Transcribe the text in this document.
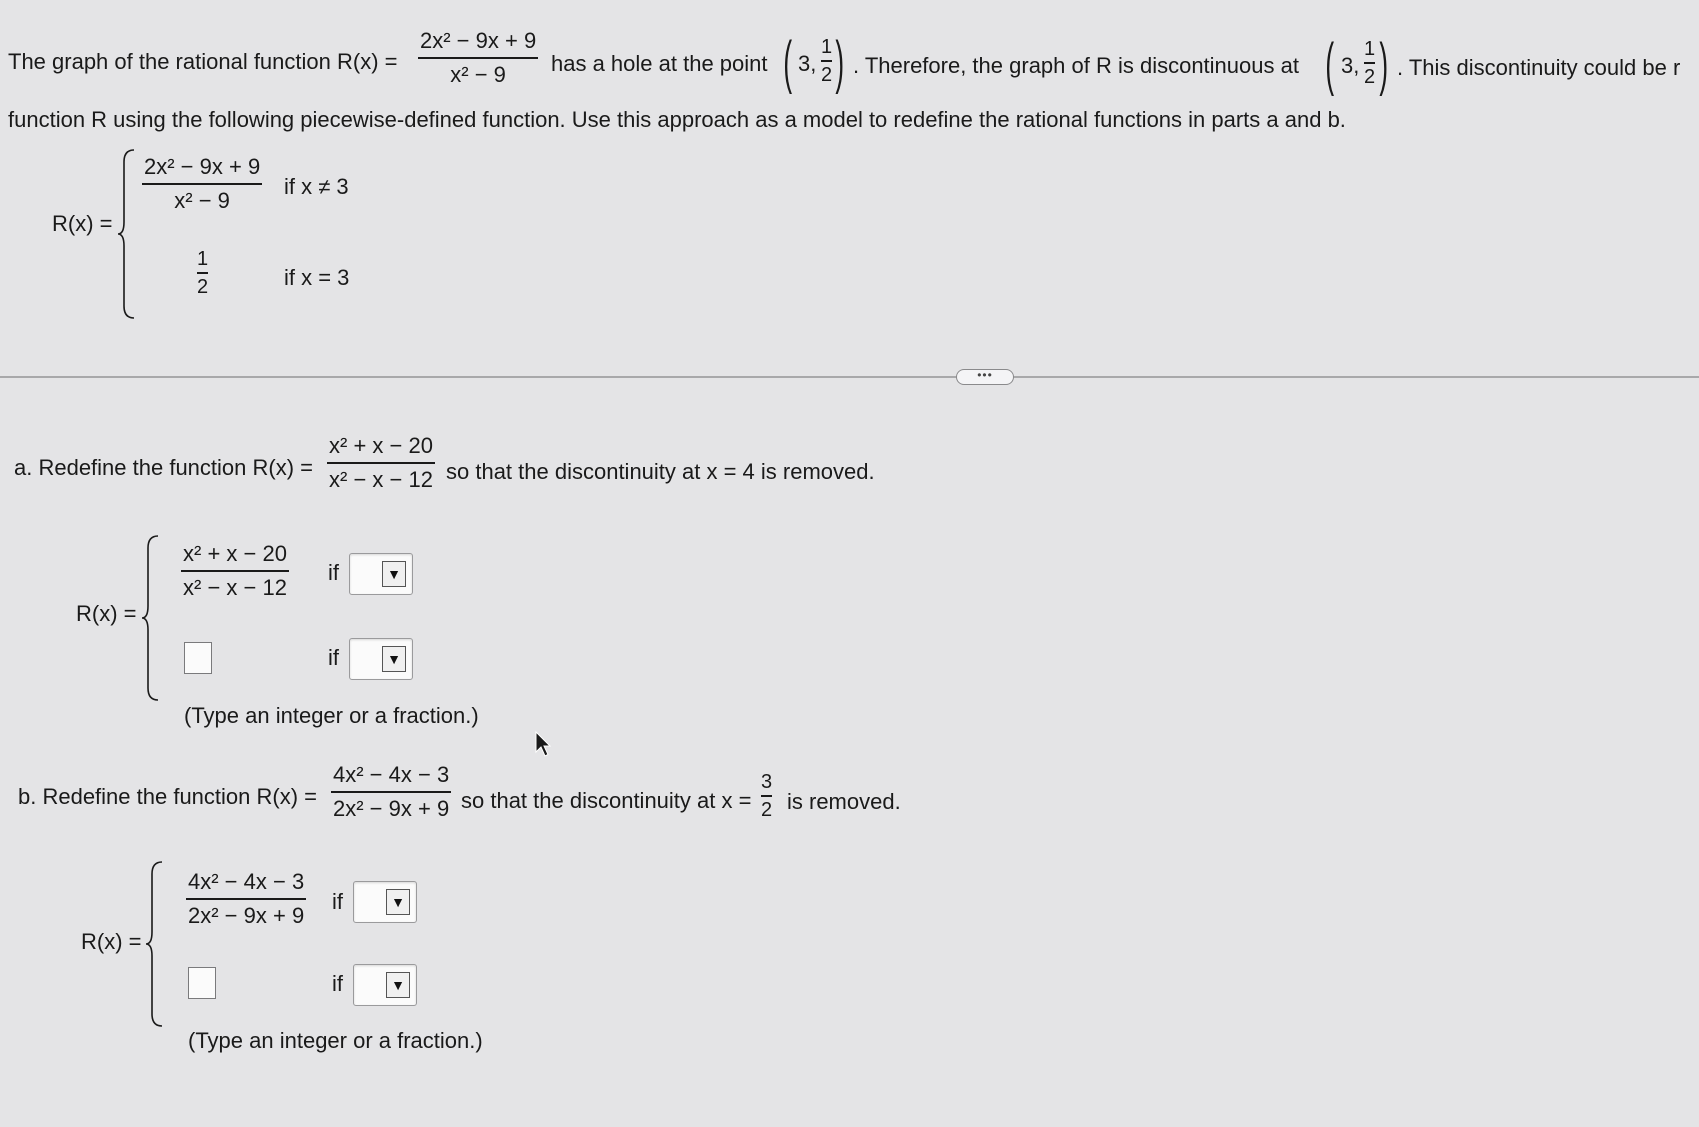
The graph of the rational function R(x) =
2x² − 9x + 9
x² − 9 has a hole at the point ( 3,
1
2 ) . Therefore, the graph of R is discontinuous at ( 3,
1
2 ) . This discontinuity could be r
function R using the following piecewise-defined function. Use this approach as a model to redefine the rational functions in parts a and b.
R(x) =
2x² − 9x + 9
x² − 9
if x ≠ 3
1
2	if x = 3
•••
a. Redefine the function R(x) =
x² + x − 20
x² − x − 12 so that the discontinuity at x = 4 is removed.
R(x) =
x² + x − 20
x² − x − 12
if	▼
if	▼
(Type an integer or a fraction.)
b. Redefine the function R(x) =
4x² − 4x − 3
2x² − 9x + 9 so that the discontinuity at x =
3
2 is removed.
R(x) =
4x² − 4x − 3
2x² − 9x + 9
if	▼
if	▼
(Type an integer or a fraction.)
